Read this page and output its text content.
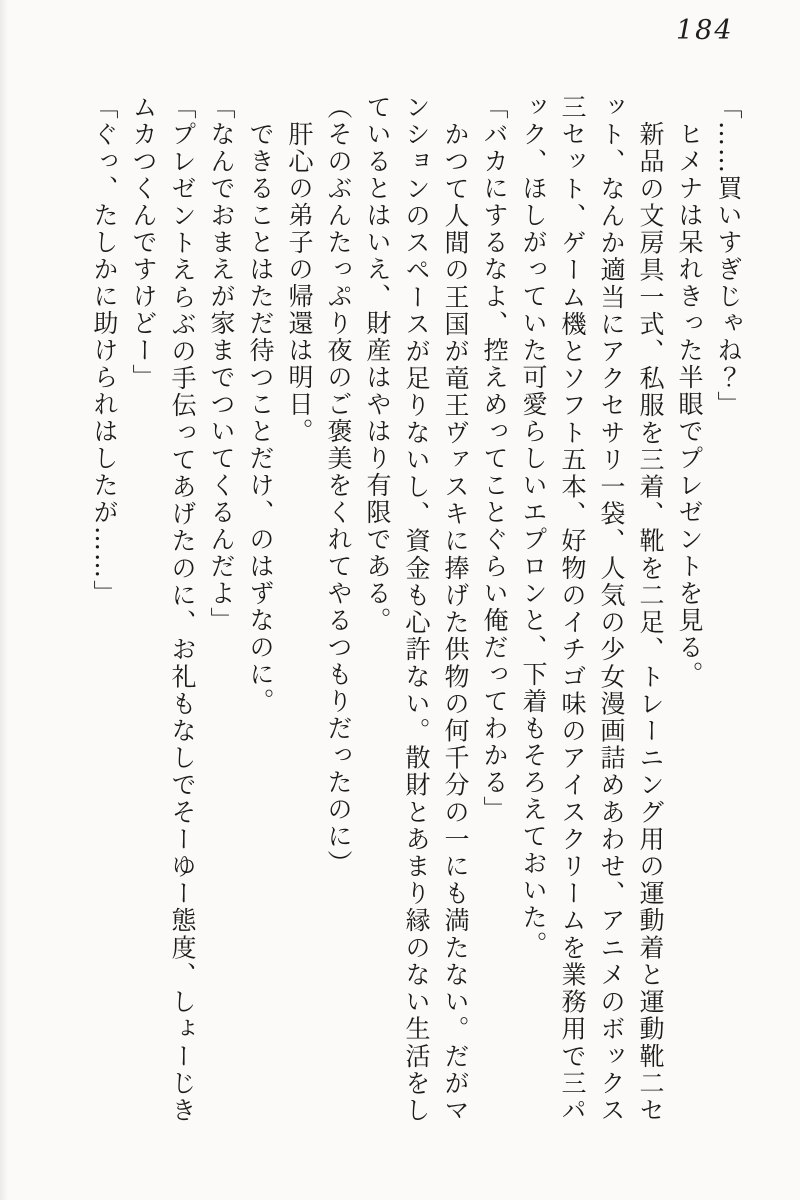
184

「……買いすぎじゃね？」

　ヒメナは呆れきった半眼でプレゼントを見る。

　新品の文房具一式、私服を三着、靴を二足、トレーニング用の運動着と運動靴二セット、なんか適当にアクセサリ一袋、人気の少女漫画詰めあわせ、アニメのボックス三セット、ゲーム機とソフト五本、好物のイチゴ味のアイスクリームを業務用で三パック、ほしがっていた可愛らしいエプロンと、下着もそろえておいた。

「バカにするなよ、控えめってことぐらい俺だってわかる」

　かつて人間の王国が竜王ヴァスキに捧げた供物の何千分の一にも満たない。だがマンションのスペースが足りないし、資金も心許ない。散財とあまり縁のない生活をしているとはいえ、財産はやはり有限である。

（そのぶんたっぷり夜のご褒美をくれてやるつもりだったのに）

　肝心の弟子の帰還は明日。

　できることはただ待つことだけ、のはずなのに。

「なんでおまえが家までついてくるんだよ」

「プレゼントえらぶの手伝ってあげたのに、お礼もなしでそーゆー態度、しょーじきムカつくんですけどー」

「ぐっ、たしかに助けられはしたが……」
